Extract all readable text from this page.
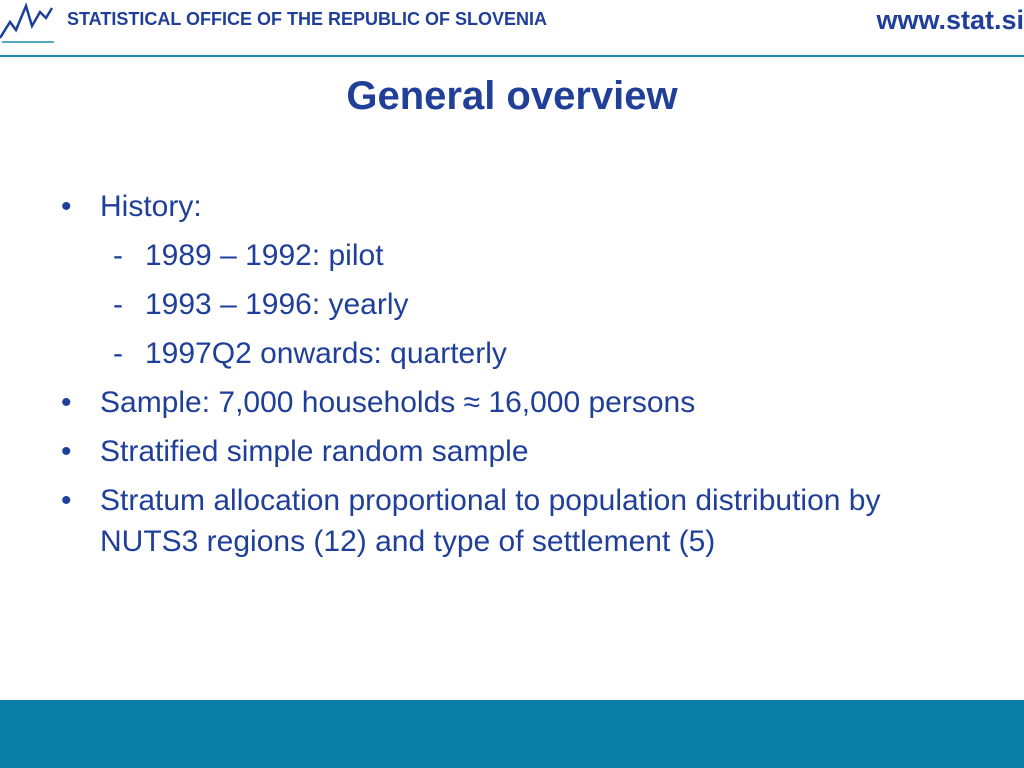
STATISTICAL OFFICE OF THE REPUBLIC OF SLOVENIA	www.stat.si
General overview
• History:
- 1989 – 1992: pilot
- 1993 – 1996: yearly
- 1997Q2 onwards: quarterly
• Sample: 7,000 households ≈ 16,000 persons
• Stratified simple random sample
• Stratum allocation proportional to population distribution by NUTS3 regions (12) and type of settlement (5)
